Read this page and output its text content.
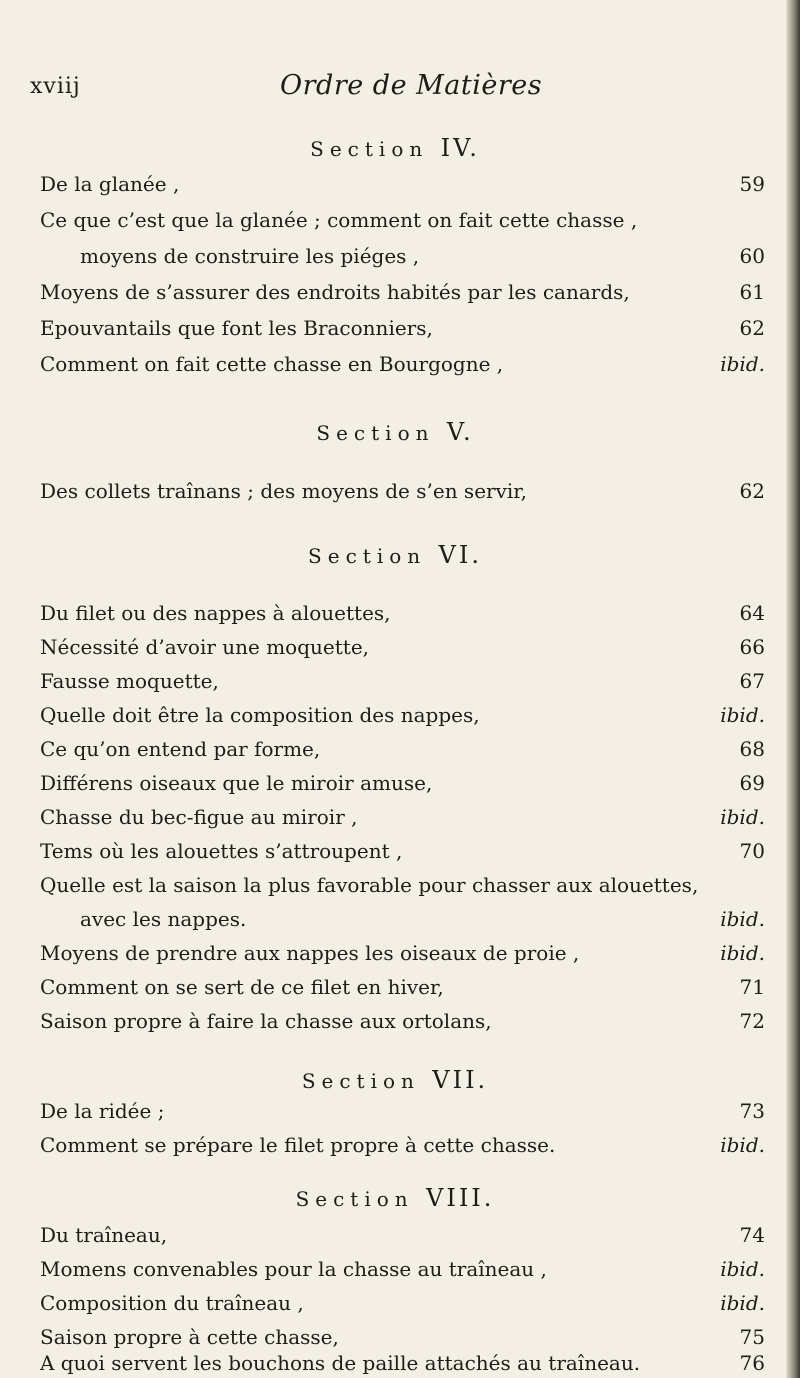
xviij	Ordre de Matières
Section IV.
De la glanée ,	59
Ce que c’est que la glanée ; comment on fait cette chasse ,
moyens de construire les piéges ,	60
Moyens de s’assurer des endroits habités par les canards,	61
Epouvantails que font les Braconniers,	62
Comment on fait cette chasse en Bourgogne ,	ibid.
Section V.
Des collets traînans ; des moyens de s’en servir,	62
Section VI.
Du filet ou des nappes à alouettes,	64
Nécessité d’avoir une moquette,	66
Fausse moquette,	67
Quelle doit être la composition des nappes,	ibid.
Ce qu’on entend par forme,	68
Différens oiseaux que le miroir amuse,	69
Chasse du bec-figue au miroir ,	ibid.
Tems où les alouettes s’attroupent ,	70
Quelle est la saison la plus favorable pour chasser aux alouettes,
avec les nappes.	ibid.
Moyens de prendre aux nappes les oiseaux de proie ,	ibid.
Comment on se sert de ce filet en hiver,	71
Saison propre à faire la chasse aux ortolans,	72
Section VII.
De la ridée ;	73
Comment se prépare le filet propre à cette chasse.	ibid.
Section VIII.
Du traîneau,	74
Momens convenables pour la chasse au traîneau ,	ibid.
Composition du traîneau ,	ibid.
Saison propre à cette chasse,	75
A quoi servent les bouchons de paille attachés au traîneau.	76
